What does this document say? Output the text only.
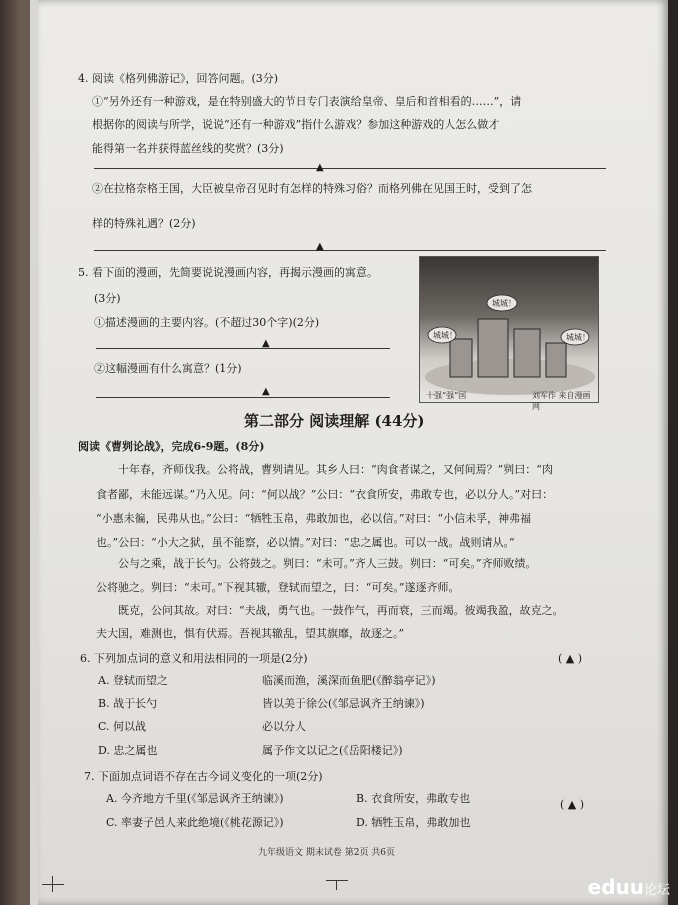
4. 阅读《格列佛游记》，回答问题。(3分)
①“另外还有一种游戏，是在特别盛大的节日专门表演给皇帝、皇后和首相看的……”，请
根据你的阅读与所学，说说“还有一种游戏”指什么游戏？参加这种游戏的人怎么做才
能得第一名并获得蓝丝线的奖赏？(3分)
▲
②在拉格奈格王国，大臣被皇帝召见时有怎样的特殊习俗？而格列佛在见国王时，受到了怎
样的特殊礼遇？(2分)
▲
5. 看下面的漫画，先简要说说漫画内容，再揭示漫画的寓意。
(3分)
①描述漫画的主要内容。(不超过30个字)(2分)
▲
②这幅漫画有什么寓意？(1分)
▲
城城！
城城！
城城！
十强“强”国	刘军作 来自漫画网
第二部分 阅读理解 (44分)
阅读《曹刿论战》，完成6-9题。(8分)
十年春，齐师伐我。公将战，曹刿请见。其乡人曰：“肉食者谋之，又何间焉？”刿曰：“肉
食者鄙，未能远谋。”乃入见。问：“何以战？”公曰：“衣食所安，弗敢专也，必以分人。”对曰：
“小惠未徧，民弗从也。”公曰：“牺牲玉帛，弗敢加也，必以信。”对曰：“小信未孚，神弗福
也。”公曰：“小大之狱，虽不能察，必以情。”对曰：“忠之属也。可以一战。战则请从。”
公与之乘，战于长勺。公将鼓之。刿曰：“未可。”齐人三鼓。刿曰：“可矣。”齐师败绩。
公将驰之。刿曰：“未可。”下视其辙，登轼而望之，曰：“可矣。”遂逐齐师。
既克，公问其故。对曰：“夫战，勇气也。一鼓作气，再而衰，三而竭。彼竭我盈，故克之。
夫大国，难测也，惧有伏焉。吾视其辙乱，望其旗靡，故逐之。”
6. 下列加点词的意义和用法相同的一项是(2分)	( ▲ )
A. 登轼而望之	临溪而渔，溪深而鱼肥(《醉翁亭记》)
B. 战于长勺	皆以美于徐公(《邹忌讽齐王纳谏》)
C. 何以战	必以分人
D. 忠之属也	属予作文以记之(《岳阳楼记》)
7. 下面加点词语不存在古今词义变化的一项(2分)
( ▲ )
A. 今齐地方千里(《邹忌讽齐王纳谏》)	B. 衣食所安，弗敢专也
C. 率妻子邑人来此绝境(《桃花源记》)	D. 牺牲玉帛，弗敢加也
九年级语文 期末试卷 第2页 共6页
eduu论坛
